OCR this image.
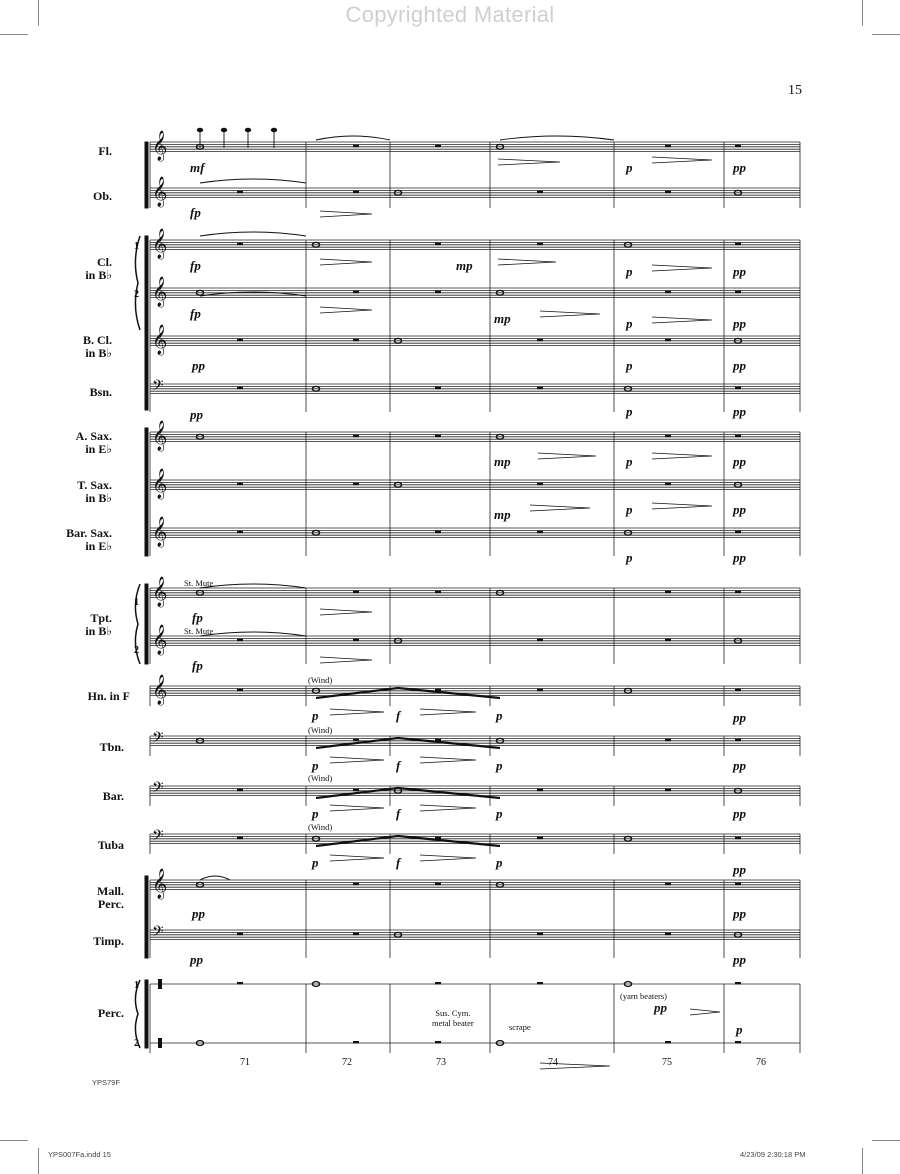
Copyrighted Material
15
𝄞
𝄞
𝄞
𝄞
𝄞
𝄢
𝄞
𝄞
𝄞
𝄞
𝄞
𝄞
𝄢
𝄢
𝄢
𝄞
𝄢
Fl.
Ob.
Cl.
in B♭
B. Cl.
in B♭
Bsn.
A. Sax.
in E♭
T. Sax.
in B♭
Bar. Sax.
in E♭
Tpt.
in B♭
Hn. in F
Tbn.
Bar.
Tuba
Mall.
Perc.
Timp.
Perc.
1
2
1
2
1
2
mf	p	pp
fp
fp	mp	p	pp
fp	mp	p	pp
pp	p	pp
pp	p	pp
mp	p	pp
mp	p	pp
p	pp
fp
fp
p	f	p	pp
p	f	p	pp
p	f	p	pp
p	f	p	pp
pp	pp
pp	pp
pp
p
St. Mute
St. Mute
(Wind)
(Wind)
(Wind)
(Wind)
Sus. Cym.
metal beater	scrape
(yarn beaters)
71	72	73	74	75	76
YPS79F
YPS007Fa.indd 15	4/23/09 2:30:18 PM
